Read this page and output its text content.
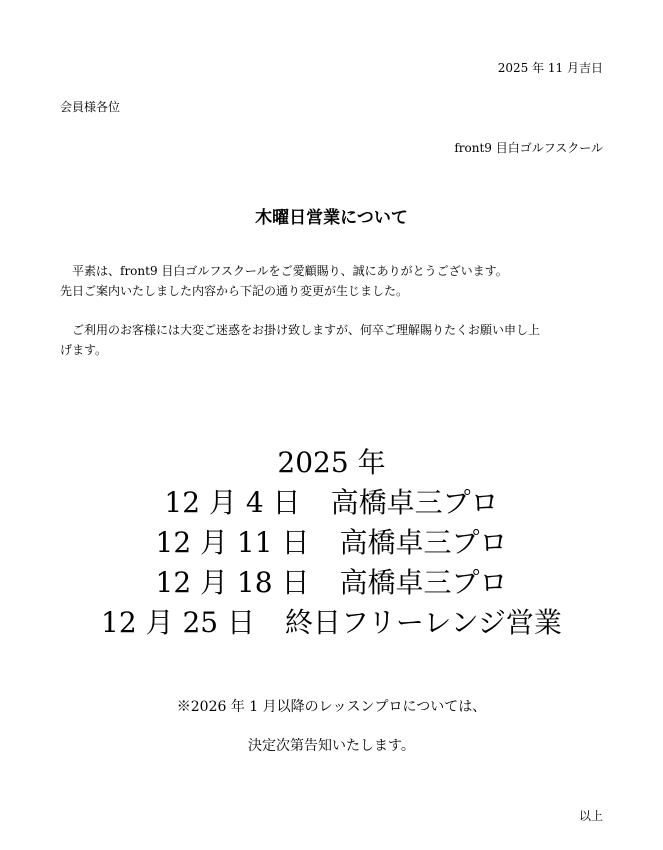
2025 年 11 月吉日
会員様各位
front9 目白ゴルフスクール
木曜日営業について
平素は、front9 目白ゴルフスクールをご愛顧賜り、誠にありがとうございます。
先日ご案内いたしました内容から下記の通り変更が生じました。
ご利用のお客様には大変ご迷惑をお掛け致しますが、何卒ご理解賜りたくお願い申し上
げます。
2025 年
12 月 4 日 高橋卓三プロ
12 月 11 日 高橋卓三プロ
12 月 18 日 高橋卓三プロ
12 月 25 日 終日フリーレンジ営業
※2026 年 1 月以降のレッスンプロについては、
決定次第告知いたします。
以上
